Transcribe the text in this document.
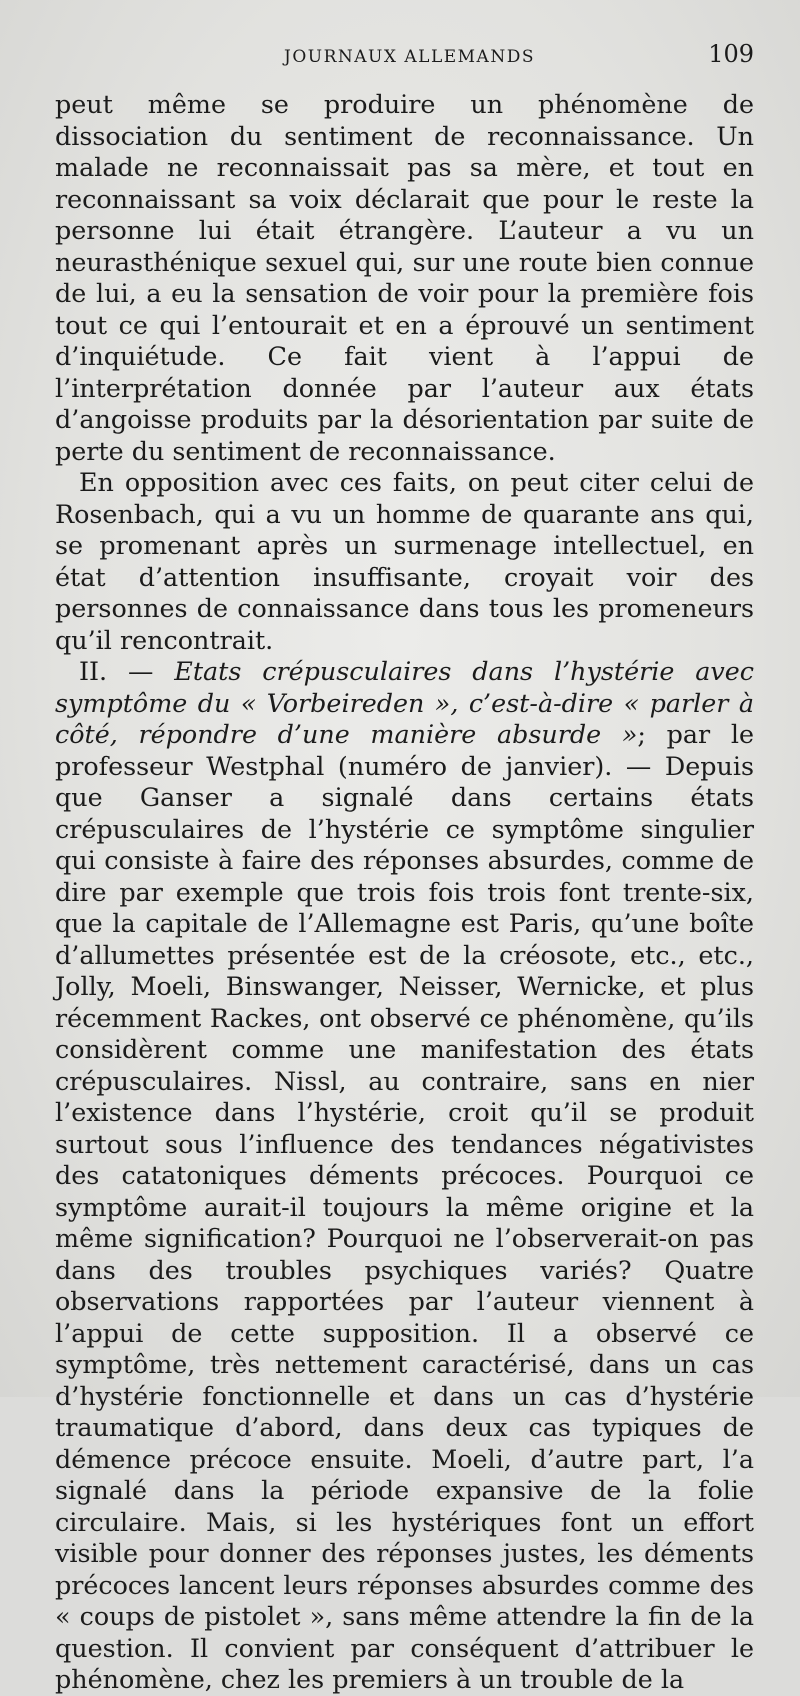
JOURNAUX ALLEMANDS	109

peut même se produire un phénomène de dissociation du sentiment de reconnaissance. Un malade ne reconnaissait pas sa mère, et tout en reconnaissant sa voix déclarait que pour le reste la personne lui était étrangère. L’auteur a vu un neurasthénique sexuel qui, sur une route bien connue de lui, a eu la sensation de voir pour la première fois tout ce qui l’entourait et en a éprouvé un sentiment d’inquiétude. Ce fait vient à l’appui de l’interprétation donnée par l’auteur aux états d’angoisse produits par la désorientation par suite de perte du sentiment de reconnaissance.

En opposition avec ces faits, on peut citer celui de Rosenbach, qui a vu un homme de quarante ans qui, se promenant après un surmenage intellectuel, en état d’attention insuffisante, croyait voir des personnes de connaissance dans tous les promeneurs qu’il rencontrait.

II. — Etats crépusculaires dans l’hystérie avec symptôme du « Vorbeireden », c’est-à-dire « parler à côté, répondre d’une manière absurde »; par le professeur Westphal (numéro de janvier). — Depuis que Ganser a signalé dans certains états crépusculaires de l’hystérie ce symptôme singulier qui consiste à faire des réponses absurdes, comme de dire par exemple que trois fois trois font trente-six, que la capitale de l’Allemagne est Paris, qu’une boîte d’allumettes présentée est de la créosote, etc., etc., Jolly, Moeli, Binswanger, Neisser, Wernicke, et plus récemment Rackes, ont observé ce phénomène, qu’ils considèrent comme une manifestation des états crépusculaires. Nissl, au contraire, sans en nier l’existence dans l’hystérie, croit qu’il se produit surtout sous l’influence des tendances négativistes des catatoniques déments précoces. Pourquoi ce symptôme aurait-il toujours la même origine et la même signification? Pourquoi ne l’observerait-on pas dans des troubles psychiques variés? Quatre observations rapportées par l’auteur viennent à l’appui de cette supposition. Il a observé ce symptôme, très nettement caractérisé, dans un cas d’hystérie fonctionnelle et dans un cas d’hystérie traumatique d’abord, dans deux cas typiques de démence précoce ensuite. Moeli, d’autre part, l’a signalé dans la période expansive de la folie circulaire. Mais, si les hystériques font un effort visible pour donner des réponses justes, les déments précoces lancent leurs réponses absurdes comme des « coups de pistolet », sans même attendre la fin de la question. Il convient par conséquent d’attribuer le phénomène, chez les premiers à un trouble de la
